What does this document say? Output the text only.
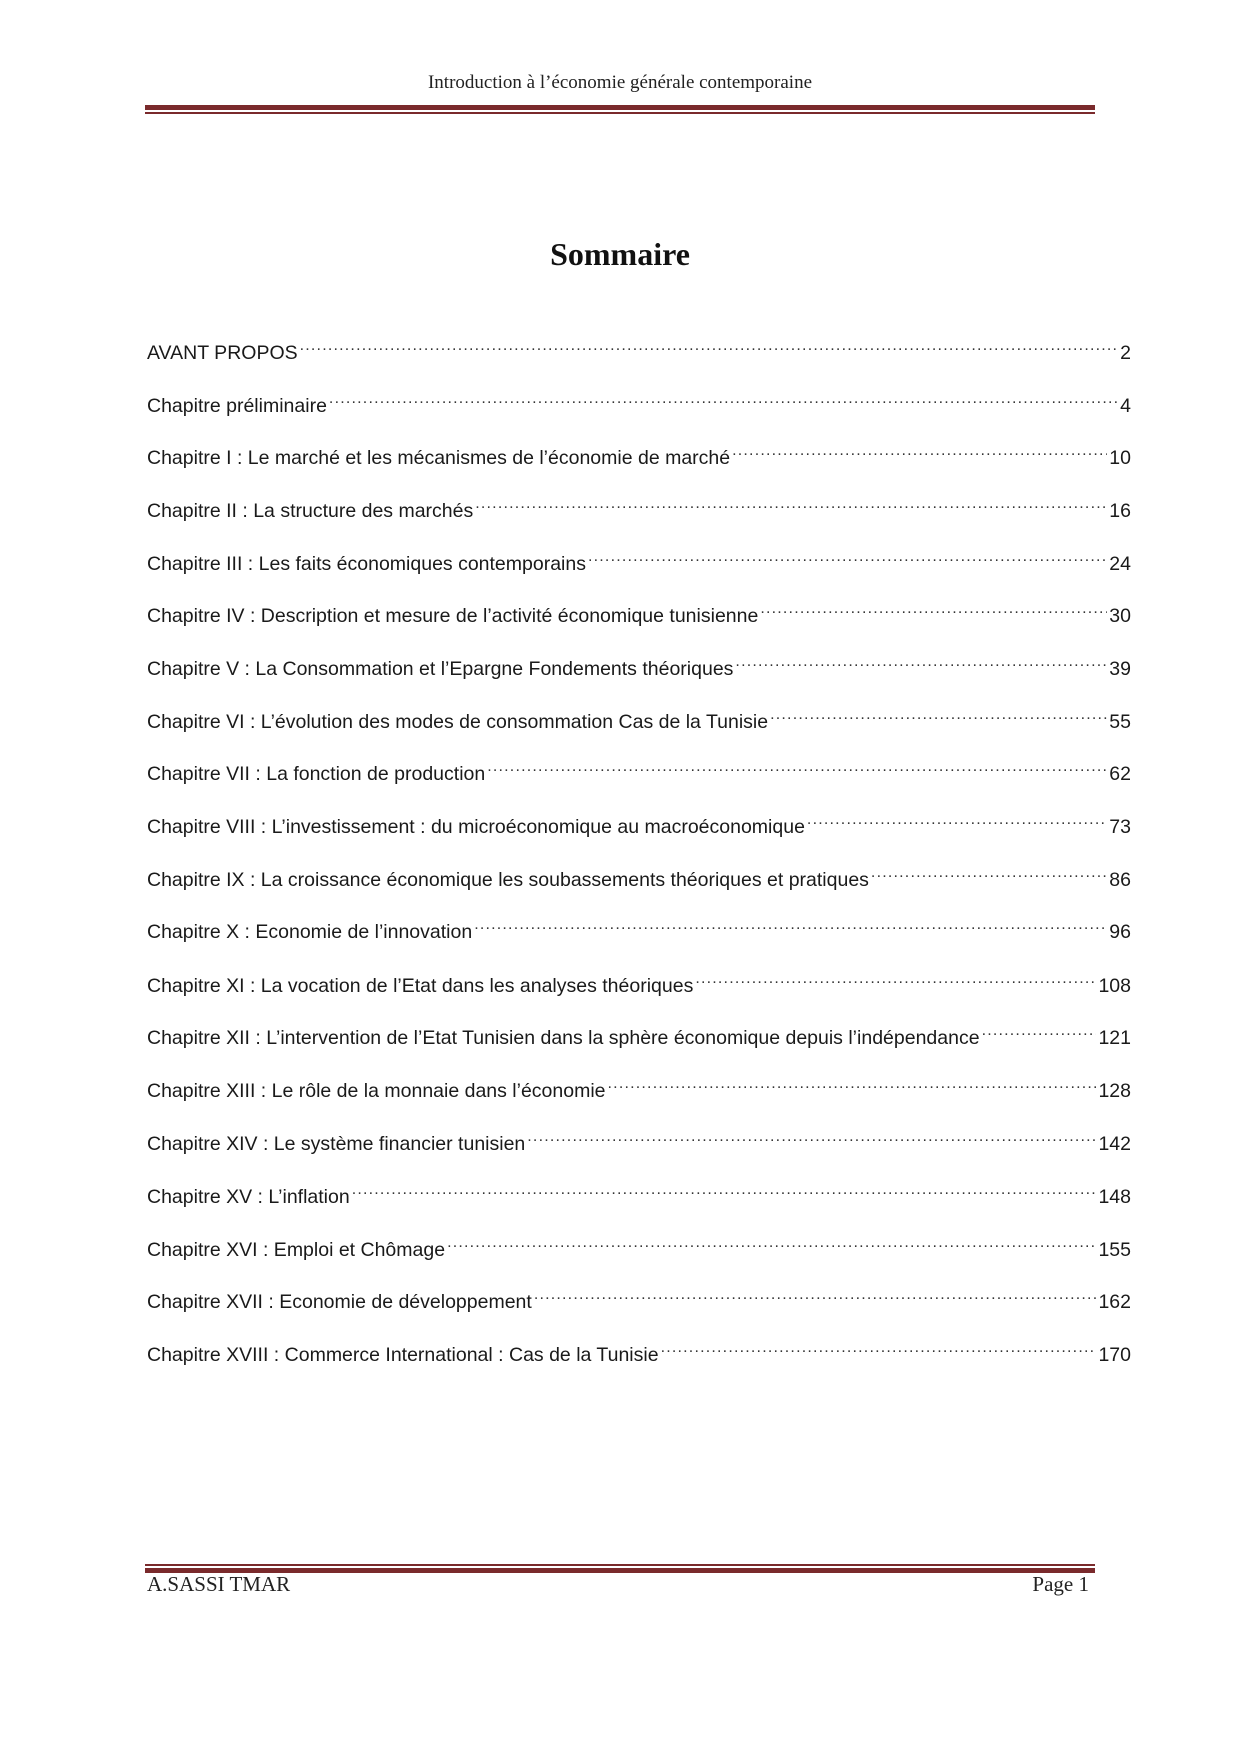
Introduction à l’économie générale contemporaine
Sommaire
AVANT PROPOS .....	2
Chapitre préliminaire .....	4
Chapitre I : Le marché et les mécanismes de l’économie de marché .....	10
Chapitre II : La structure des marchés .....	16
Chapitre III : Les faits économiques contemporains .....	24
Chapitre IV : Description et mesure de l’activité économique tunisienne .....	30
Chapitre V : La Consommation et l’Epargne Fondements théoriques .....	39
Chapitre VI : L’évolution des modes de consommation Cas de la Tunisie .....	55
Chapitre VII : La fonction de production .....	62
Chapitre VIII : L’investissement : du microéconomique au macroéconomique .....	73
Chapitre IX : La croissance économique les soubassements théoriques et pratiques .....	86
Chapitre X : Economie de l’innovation .....	96
Chapitre XI : La vocation de l’Etat dans les analyses théoriques .....	108
Chapitre XII : L’intervention de l’Etat Tunisien dans la sphère économique depuis l’indépendance .....	121
Chapitre XIII : Le rôle de la monnaie dans l’économie .....	128
Chapitre XIV : Le système financier tunisien .....	142
Chapitre XV : L’inflation .....	148
Chapitre XVI : Emploi et Chômage .....	155
Chapitre XVII : Economie de développement .....	162
Chapitre XVIII : Commerce International : Cas de la Tunisie .....	170
A.SASSI TMAR	Page 1
